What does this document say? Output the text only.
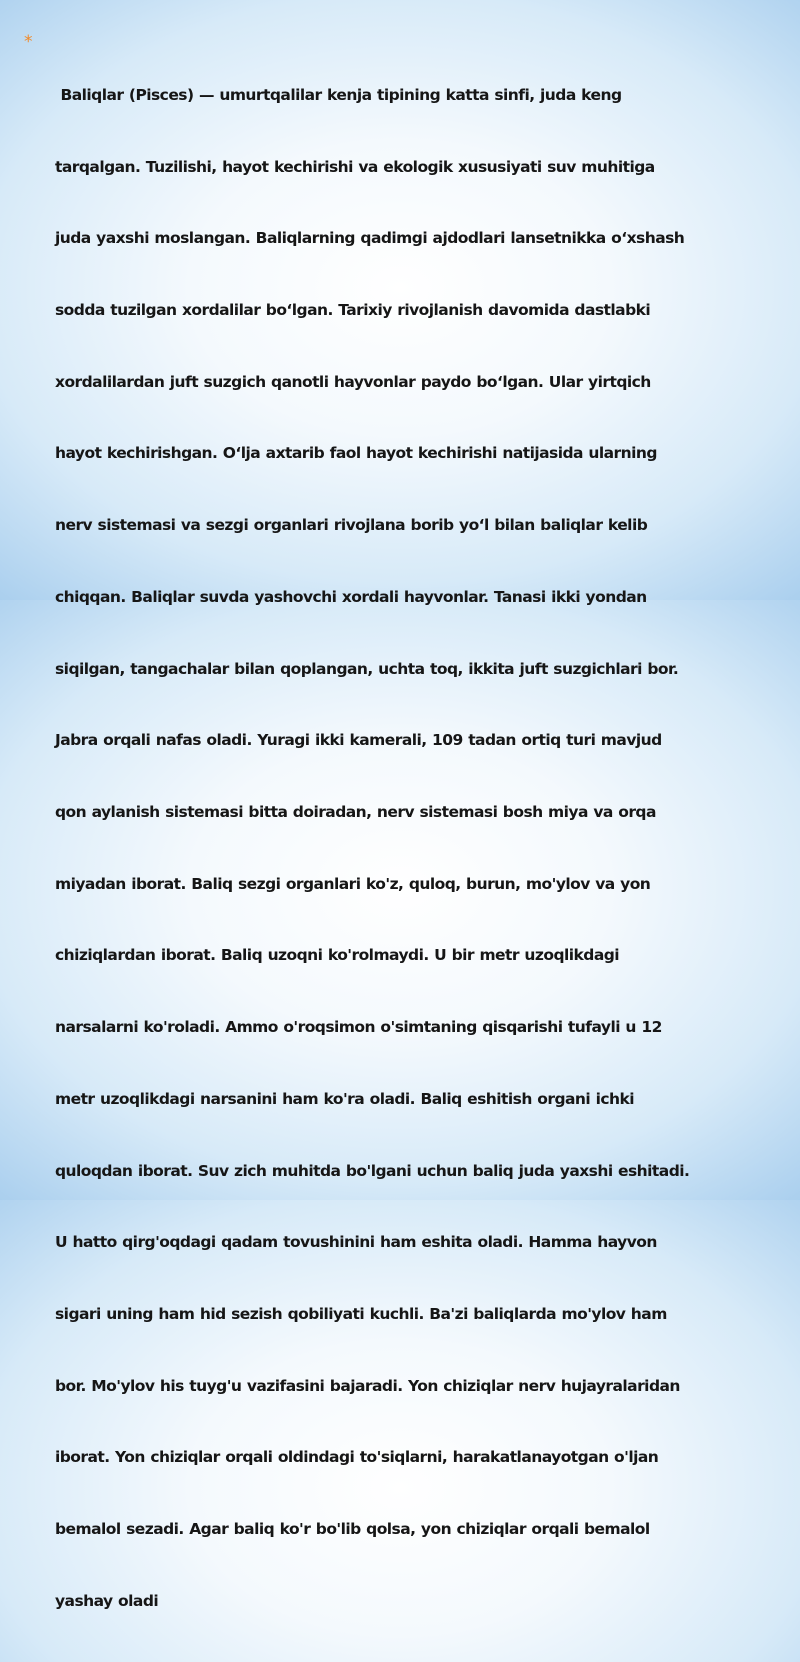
*

Baliqlar (Pisces) — umurtqalilar kenja tipining katta sinfi, juda keng

tarqalgan. Tuzilishi, hayot kechirishi va ekologik xususiyati suv muhitiga

juda yaxshi moslangan. Baliqlarning qadimgi ajdodlari lansetnikka o‘xshash

sodda tuzilgan xordalilar bo‘lgan. Tarixiy rivojlanish davomida dastlabki

xordalilardan juft suzgich qanotli hayvonlar paydo bo‘lgan. Ular yirtqich

hayot kechirishgan. O‘lja axtarib faol hayot kechirishi natijasida ularning

nerv sistemasi va sezgi organlari rivojlana borib yo‘l bilan baliqlar kelib

chiqqan. Baliqlar suvda yashovchi xordali hayvonlar. Tanasi ikki yondan

siqilgan, tangachalar bilan qoplangan, uchta toq, ikkita juft suzgichlari bor.

Jabra orqali nafas oladi. Yuragi ikki kamerali, 109 tadan ortiq turi mavjud

qon aylanish sistemasi bitta doiradan, nerv sistemasi bosh miya va orqa

miyadan iborat. Baliq sezgi organlari ko'z, quloq, burun, mo'ylov va yon

chiziqlardan iborat. Baliq uzoqni ko'rolmaydi. U bir metr uzoqlikdagi

narsalarni ko'roladi. Ammo o'roqsimon o'simtaning qisqarishi tufayli u 12

metr uzoqlikdagi narsanini ham ko'ra oladi. Baliq eshitish organi ichki

quloqdan iborat. Suv zich muhitda bo'lgani uchun baliq juda yaxshi eshitadi.

U hatto qirg'oqdagi qadam tovushinini ham eshita oladi. Hamma hayvon

sigari uning ham hid sezish qobiliyati kuchli. Ba'zi baliqlarda mo'ylov ham

bor. Mo'ylov his tuyg'u vazifasini bajaradi. Yon chiziqlar nerv hujayralaridan

iborat. Yon chiziqlar orqali oldindagi to'siqlarni, harakatlanayotgan o'ljan

bemalol sezadi. Agar baliq ko'r bo'lib qolsa, yon chiziqlar orqali bemalol

yashay oladi
